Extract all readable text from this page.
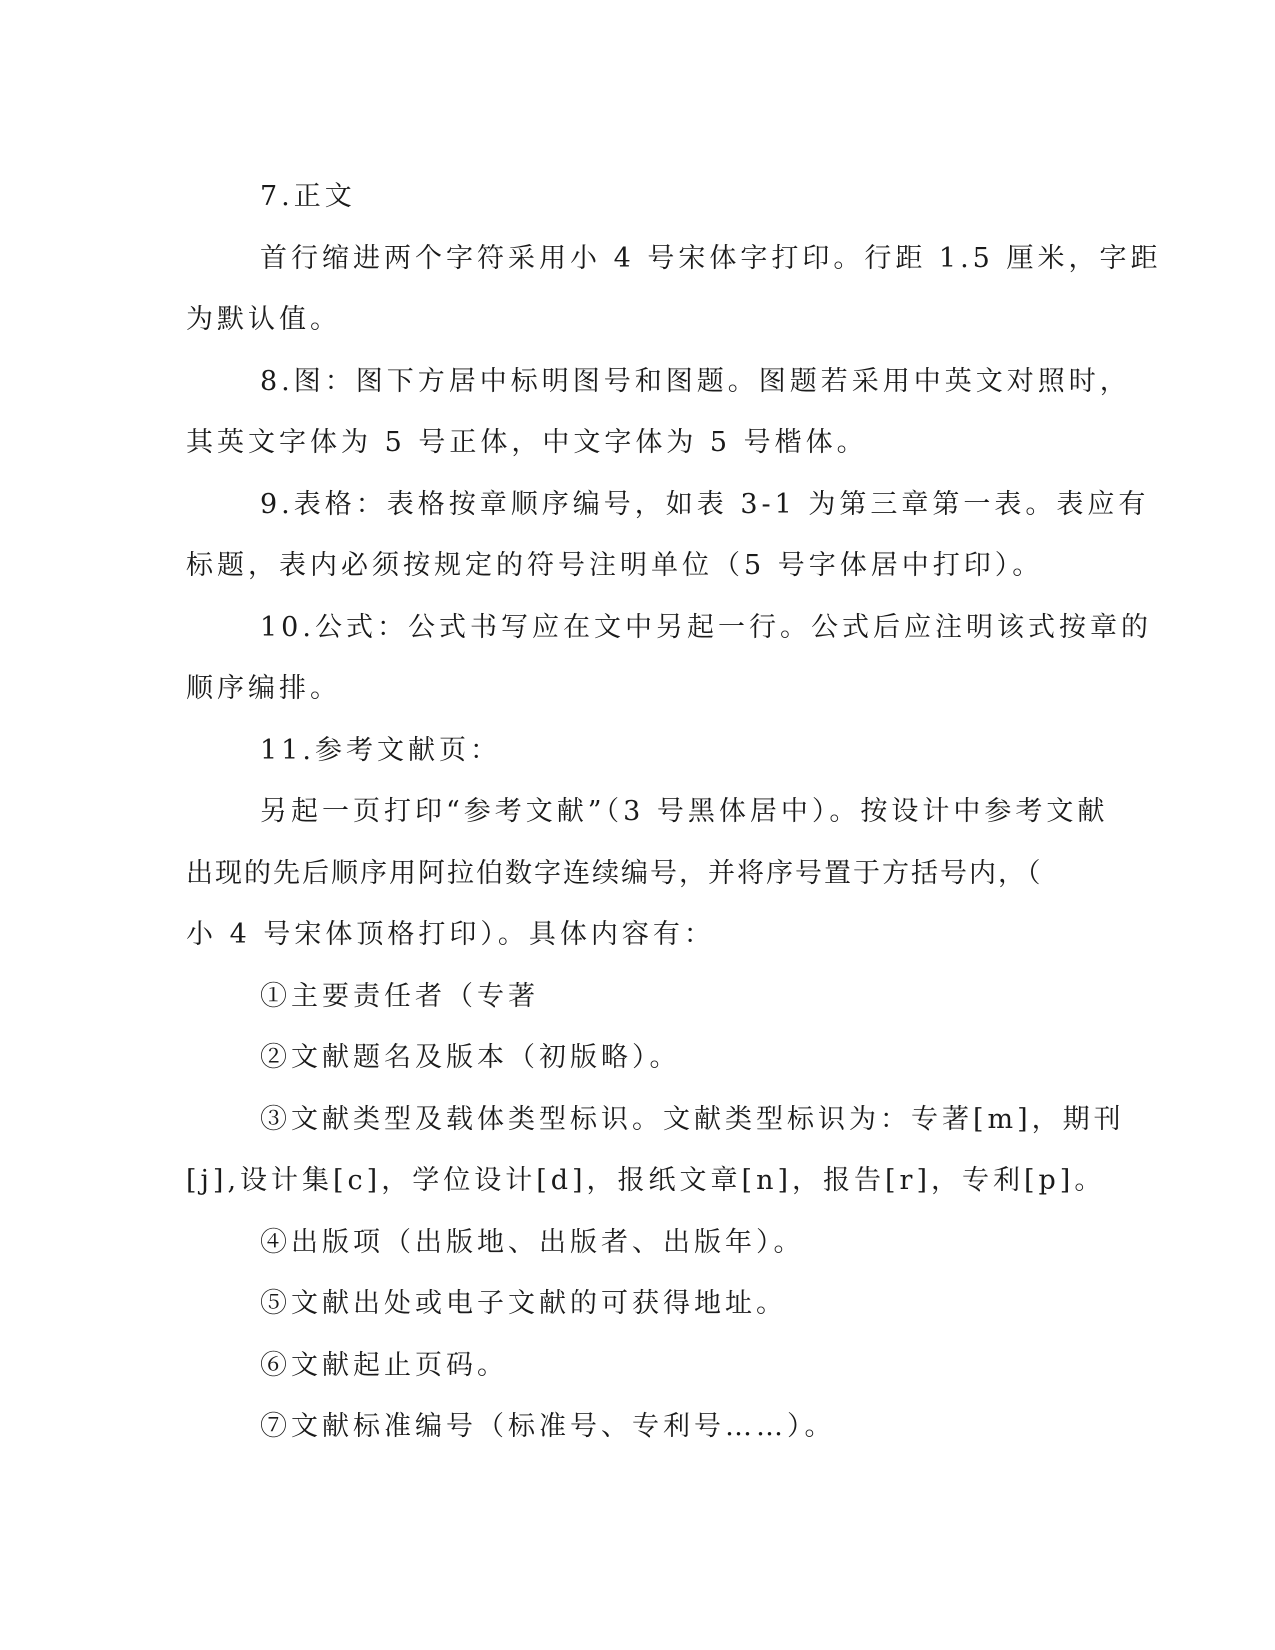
7.正文
首行缩进两个字符采用小 4 号宋体字打印。行距 1.5 厘米，字距
为默认值。
8.图：图下方居中标明图号和图题。图题若采用中英文对照时，
其英文字体为 5 号正体，中文字体为 5 号楷体。
9.表格：表格按章顺序编号，如表 3-1 为第三章第一表。表应有
标题，表内必须按规定的符号注明单位（5 号字体居中打印）。
10.公式：公式书写应在文中另起一行。公式后应注明该式按章的
顺序编排。
11.参考文献页：
另起一页打印“参考文献”（3 号黑体居中）。按设计中参考文献
出现的先后顺序用阿拉伯数字连续编号，并将序号置于方括号内，（
小 4 号宋体顶格打印）。具体内容有：
①主要责任者（专著
②文献题名及版本（初版略）。
③文献类型及载体类型标识。文献类型标识为：专著[m]，期刊
[j],设计集[c]，学位设计[d]，报纸文章[n]，报告[r]，专利[p]。
④出版项（出版地、出版者、出版年）。
⑤文献出处或电子文献的可获得地址。
⑥文献起止页码。
⑦文献标准编号（标准号、专利号……）。
